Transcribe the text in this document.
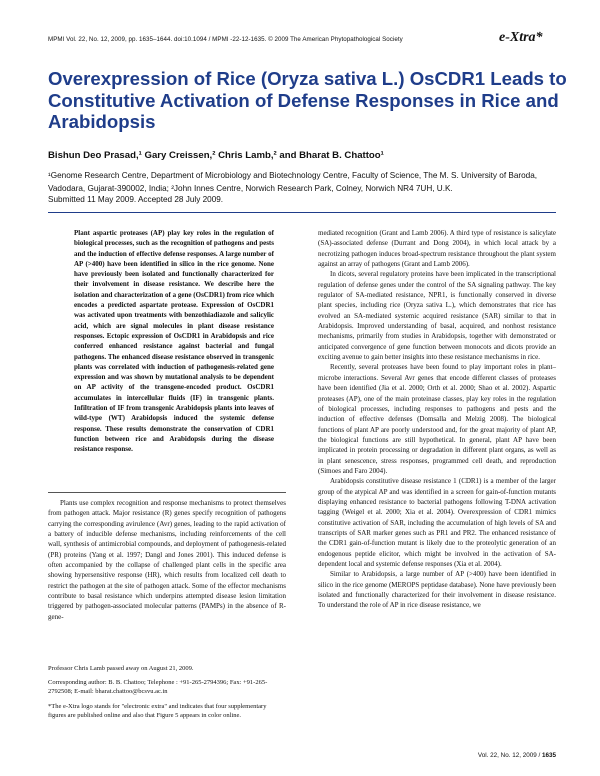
MPMI Vol. 22, No. 12, 2009, pp. 1635–1644. doi:10.1094 / MPMI -22-12-1635. © 2009 The American Phytopathological Society	e-Xtra*
Overexpression of Rice (Oryza sativa L.) OsCDR1 Leads to Constitutive Activation of Defense Responses in Rice and Arabidopsis
Bishun Deo Prasad,¹ Gary Creissen,² Chris Lamb,² and Bharat B. Chattoo¹
¹Genome Research Centre, Department of Microbiology and Biotechnology Centre, Faculty of Science, The M. S. University of Baroda, Vadodara, Gujarat-390002, India; ²John Innes Centre, Norwich Research Park, Colney, Norwich NR4 7UH, U.K.
Submitted 11 May 2009. Accepted 28 July 2009.

Plant aspartic proteases (AP) play key roles in the regulation of biological processes, such as the recognition of pathogens and pests and the induction of effective defense responses. A large number of AP (>400) have been identified in silico in the rice genome. None have previously been isolated and functionally characterized for their involvement in disease resistance. We describe here the isolation and characterization of a gene (OsCDR1) from rice which encodes a predicted aspartate protease. Expression of OsCDR1 was activated upon treatments with benzothiadiazole and salicylic acid, which are signal molecules in plant disease resistance responses. Ectopic expression of OsCDR1 in Arabidopsis and rice conferred enhanced resistance against bacterial and fungal pathogens. The enhanced disease resistance observed in transgenic plants was correlated with induction of pathogenesis-related gene expression and was shown by mutational analysis to be dependent on AP activity of the transgene-encoded product. OsCDR1 accumulates in intercellular fluids (IF) in transgenic plants. Infiltration of IF from transgenic Arabidopsis plants into leaves of wild-type (WT) Arabidopsis induced the systemic defense response. These results demonstrate the conservation of CDR1 function between rice and Arabidopsis during the disease resistance response.

Plants use complex recognition and response mechanisms to protect themselves from pathogen attack. Major resistance (R) genes specify recognition of pathogens carrying the corresponding avirulence (Avr) genes, leading to the rapid activation of a battery of inducible defense mechanisms, including reinforcements of the cell wall, synthesis of antimicrobial compounds, and deployment of pathogenesis-related (PR) proteins (Yang et al. 1997; Dangl and Jones 2001). This induced defense is often accompanied by the collapse of challenged plant cells in the specific area showing hypersensitive response (HR), which results from localized cell death to restrict the pathogen at the site of pathogen attack. Some of the effector mechanisms contribute to basal resistance which underpins attempted disease lesion limitation triggered by pathogen-associated molecular patterns (PAMPs) in the absence of R-gene-

Professor Chris Lamb passed away on August 21, 2009.

Corresponding author: B. B. Chattoo; Telephone : +91-265-2794396; Fax: +91-265-2792508; E-mail: bharat.chattoo@bcsvu.ac.in

*The e-Xtra logo stands for "electronic extra" and indicates that four supplementary figures are published online and also that Figure 5 appears in color online.

mediated recognition (Grant and Lamb 2006). A third type of resistance is salicylate (SA)-associated defense (Durrant and Dong 2004), in which local attack by a necrotizing pathogen induces broad-spectrum resistance throughout the plant system against an array of pathogens (Grant and Lamb 2006).

In dicots, several regulatory proteins have been implicated in the transcriptional regulation of defense genes under the control of the SA signaling pathway. The key regulator of SA-mediated resistance, NPR1, is functionally conserved in diverse plant species, including rice (Oryza sativa L.), which demonstrates that rice has evolved an SA-mediated systemic acquired resistance (SAR) similar to that in Arabidopsis. Improved understanding of basal, acquired, and nonhost resistance mechanisms, primarily from studies in Arabidopsis, together with demonstrated or anticipated convergence of gene function between monocots and dicots provide an exciting avenue to gain better insights into these resistance mechanisms in rice.

Recently, several proteases have been found to play important roles in plant–microbe interactions. Several Avr genes that encode different classes of proteases have been identified (Jia et al. 2000; Orth et al. 2000; Shao et al. 2002). Aspartic proteases (AP), one of the main proteinase classes, play key roles in the regulation of biological processes, including responses to pathogens and pests and the induction of effective defenses (Domsalla and Melzig 2008). The biological functions of plant AP are poorly understood and, for the great majority of plant AP, the biological functions are still hypothetical. In general, plant AP have been implicated in protein processing or degradation in different plant organs, as well as in plant senescence, stress responses, programmed cell death, and reproduction (Simoes and Faro 2004).

Arabidopsis constitutive disease resistance 1 (CDR1) is a member of the larger group of the atypical AP and was identified in a screen for gain-of-function mutants displaying enhanced resistance to bacterial pathogens following T-DNA activation tagging (Weigel et al. 2000; Xia et al. 2004). Overexpression of CDR1 mimics constitutive activation of SAR, including the accumulation of high levels of SA and transcripts of SAR marker genes such as PR1 and PR2. The enhanced resistance of the CDR1 gain-of-function mutant is likely due to the proteolytic generation of an endogenous peptide elicitor, which might be involved in the activation of SA-dependent local and systemic defense responses (Xia et al. 2004).

Similar to Arabidopsis, a large number of AP (>400) have been identified in silico in the rice genome (MEROPS peptidase database). None have previously been isolated and functionally characterized for their involvement in disease resistance. To understand the role of AP in rice disease resistance, we

Vol. 22, No. 12, 2009 / 1635
